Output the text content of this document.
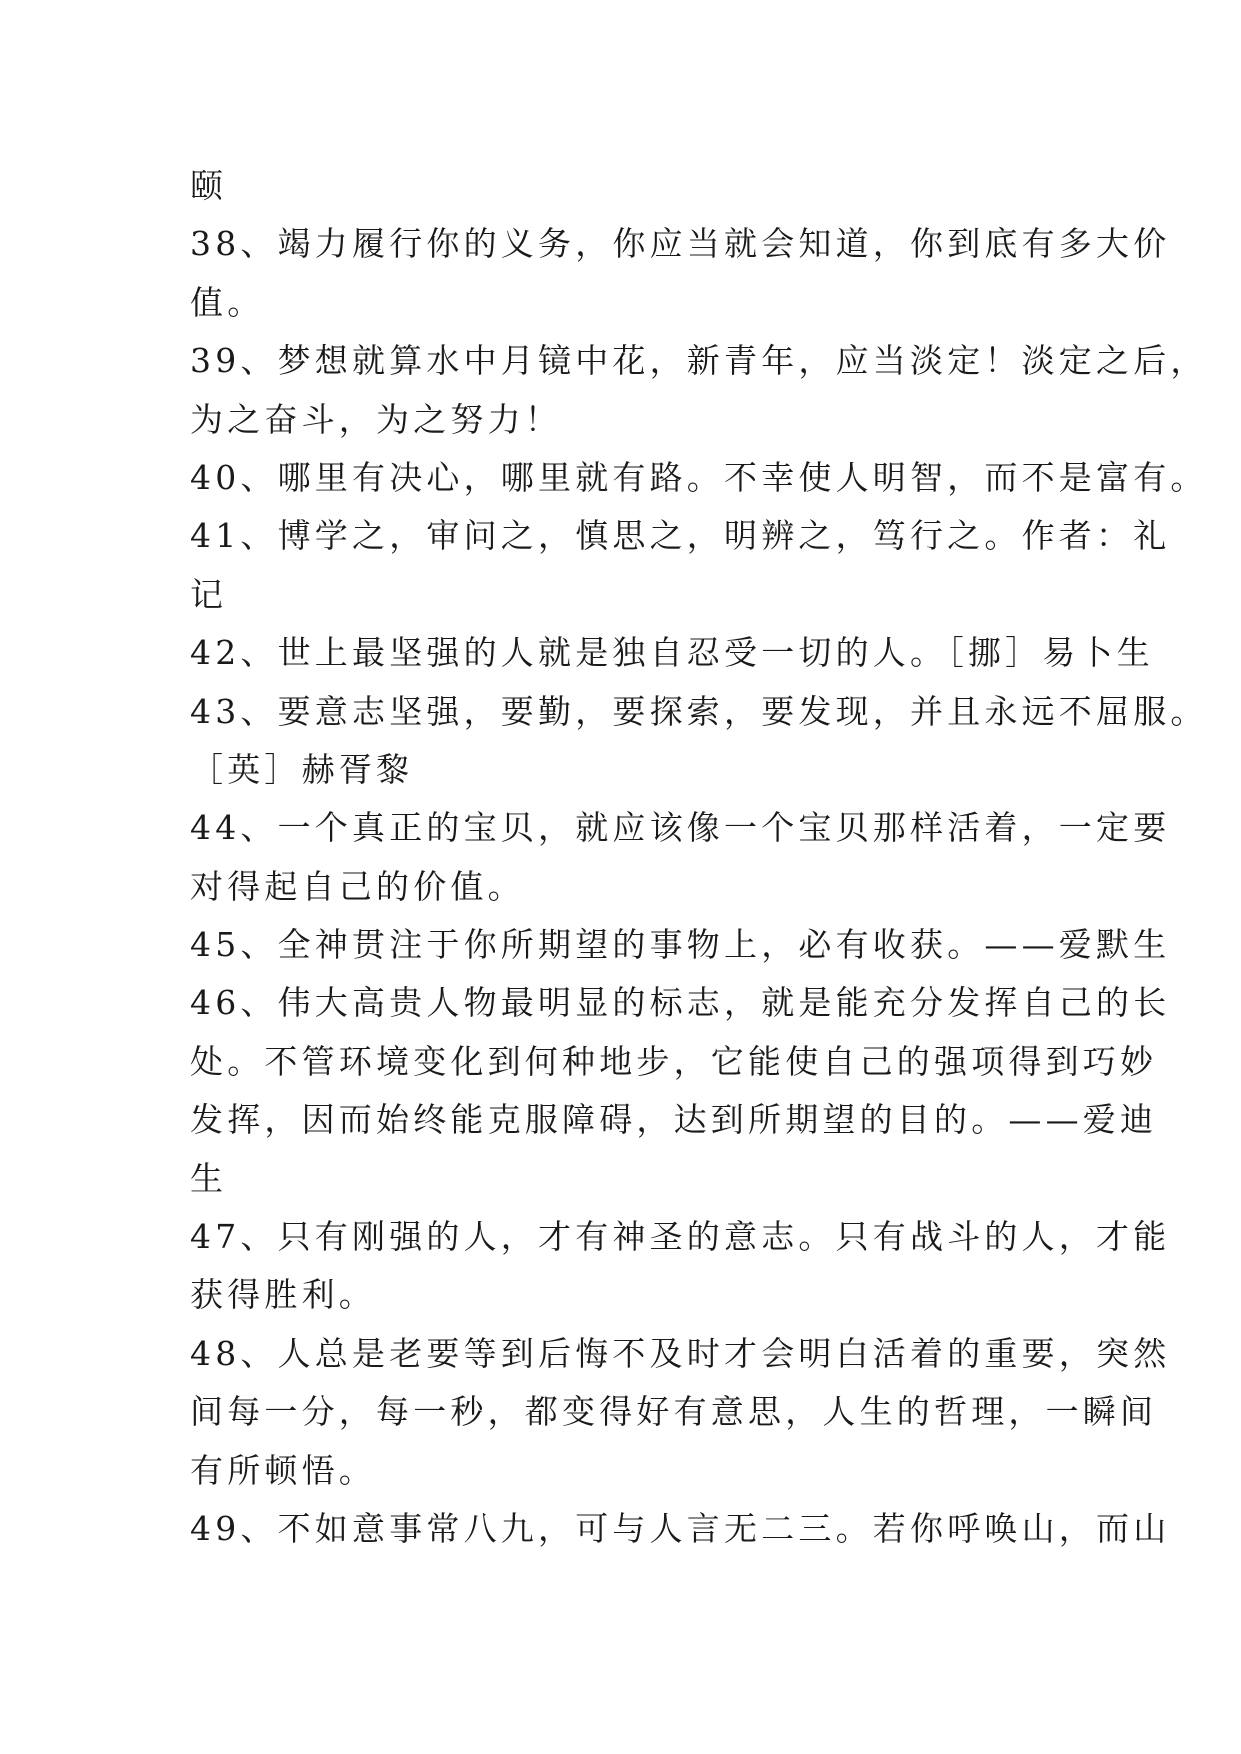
颐
38、竭力履行你的义务，你应当就会知道，你到底有多大价
值。
39、梦想就算水中月镜中花，新青年，应当淡定！淡定之后，
为之奋斗，为之努力！
40、哪里有决心，哪里就有路。不幸使人明智，而不是富有。
41、博学之，审问之，慎思之，明辨之，笃行之。作者：礼
记
42、世上最坚强的人就是独自忍受一切的人。［挪］易卜生
43、要意志坚强，要勤，要探索，要发现，并且永远不屈服。
［英］赫胥黎
44、一个真正的宝贝，就应该像一个宝贝那样活着，一定要
对得起自己的价值。
45、全神贯注于你所期望的事物上，必有收获。——爱默生
46、伟大高贵人物最明显的标志，就是能充分发挥自己的长
处。不管环境变化到何种地步，它能使自己的强项得到巧妙
发挥，因而始终能克服障碍，达到所期望的目的。——爱迪
生
47、只有刚强的人，才有神圣的意志。只有战斗的人，才能
获得胜利。
48、人总是老要等到后悔不及时才会明白活着的重要，突然
间每一分，每一秒，都变得好有意思，人生的哲理，一瞬间
有所顿悟。
49、不如意事常八九，可与人言无二三。若你呼唤山，而山
